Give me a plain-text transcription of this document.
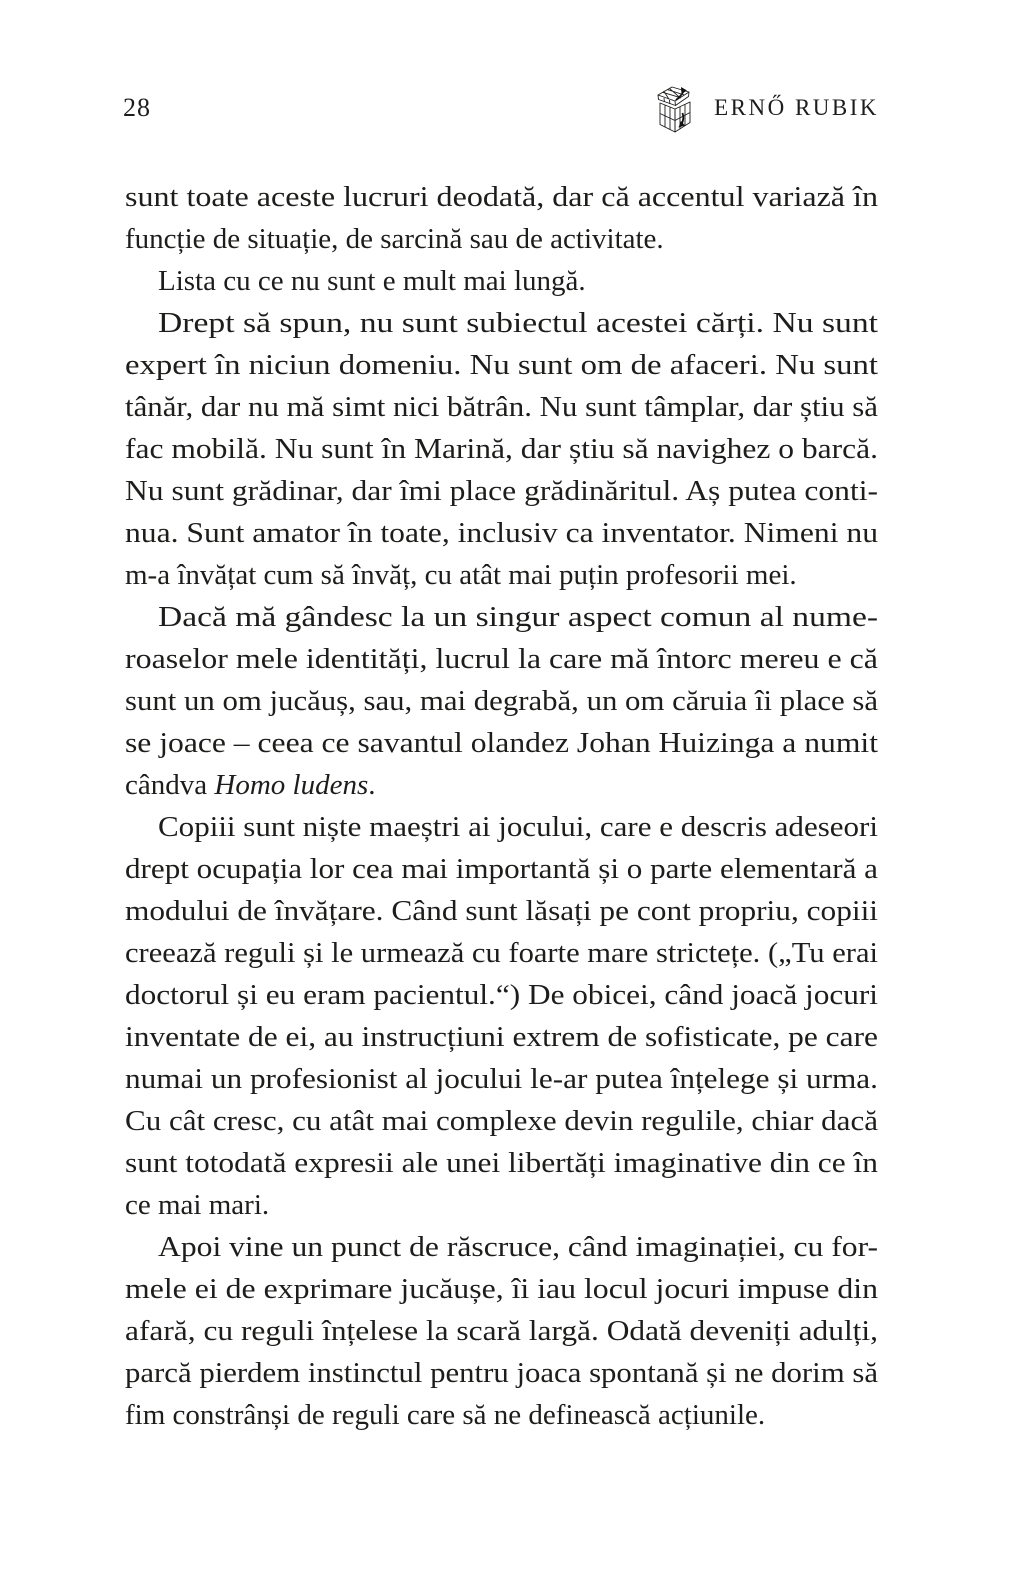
28	ERNŐ RUBIK
sunt toate aceste lucruri deodată, dar că accentul variază în
funcție de situație, de sarcină sau de activitate.
Lista cu ce nu sunt e mult mai lungă.
Drept să spun, nu sunt subiectul acestei cărți. Nu sunt
expert în niciun domeniu. Nu sunt om de afaceri. Nu sunt
tânăr, dar nu mă simt nici bătrân. Nu sunt tâmplar, dar știu să
fac mobilă. Nu sunt în Marină, dar știu să navighez o barcă.
Nu sunt grădinar, dar îmi place grădinăritul. Aș putea conti-
nua. Sunt amator în toate, inclusiv ca inventator. Nimeni nu
m-a învățat cum să învăț, cu atât mai puțin profesorii mei.
Dacă mă gândesc la un singur aspect comun al nume-
roaselor mele identități, lucrul la care mă întorc mereu e că
sunt un om jucăuș, sau, mai degrabă, un om căruia îi place să
se joace – ceea ce savantul olandez Johan Huizinga a numit
cândva Homo ludens.
Copiii sunt niște maeștri ai jocului, care e descris adeseori
drept ocupația lor cea mai importantă și o parte elementară a
modului de învățare. Când sunt lăsați pe cont propriu, copiii
creează reguli și le urmează cu foarte mare strictețe. („Tu erai
doctorul și eu eram pacientul.“) De obicei, când joacă jocuri
inventate de ei, au instrucțiuni extrem de sofisticate, pe care
numai un profesionist al jocului le-ar putea înțelege și urma.
Cu cât cresc, cu atât mai complexe devin regulile, chiar dacă
sunt totodată expresii ale unei libertăți imaginative din ce în
ce mai mari.
Apoi vine un punct de răscruce, când imaginației, cu for-
mele ei de exprimare jucăușe, îi iau locul jocuri impuse din
afară, cu reguli înțelese la scară largă. Odată deveniți adulți,
parcă pierdem instinctul pentru joaca spontană și ne dorim să
fim constrânși de reguli care să ne definească acțiunile.
